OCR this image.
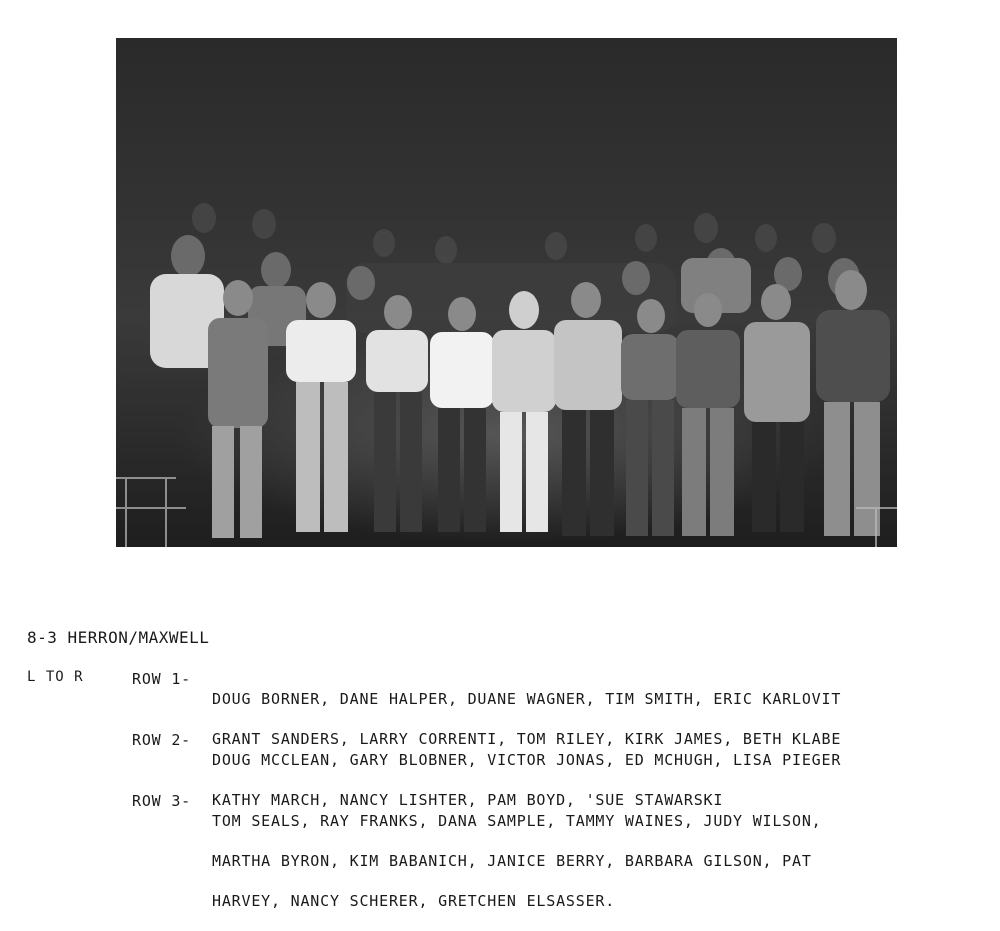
8-3 HERRON/MAXWELL
L TO R	ROW 1-

DOUG BORNER, DANE HALPER, DUANE WAGNER, TIM SMITH, ERIC KARLOVIT

GRANT SANDERS, LARRY CORRENTI, TOM RILEY, KIRK JAMES, BETH KLABE

ROW 2-

DOUG MCCLEAN, GARY BLOBNER, VICTOR JONAS, ED MCHUGH, LISA PIEGER

KATHY MARCH, NANCY LISHTER, PAM BOYD, 'SUE STAWARSKI

ROW 3-

TOM SEALS, RAY FRANKS, DANA SAMPLE, TAMMY WAINES, JUDY WILSON,

MARTHA BYRON, KIM BABANICH, JANICE BERRY, BARBARA GILSON, PAT

HARVEY, NANCY SCHERER, GRETCHEN ELSASSER.
